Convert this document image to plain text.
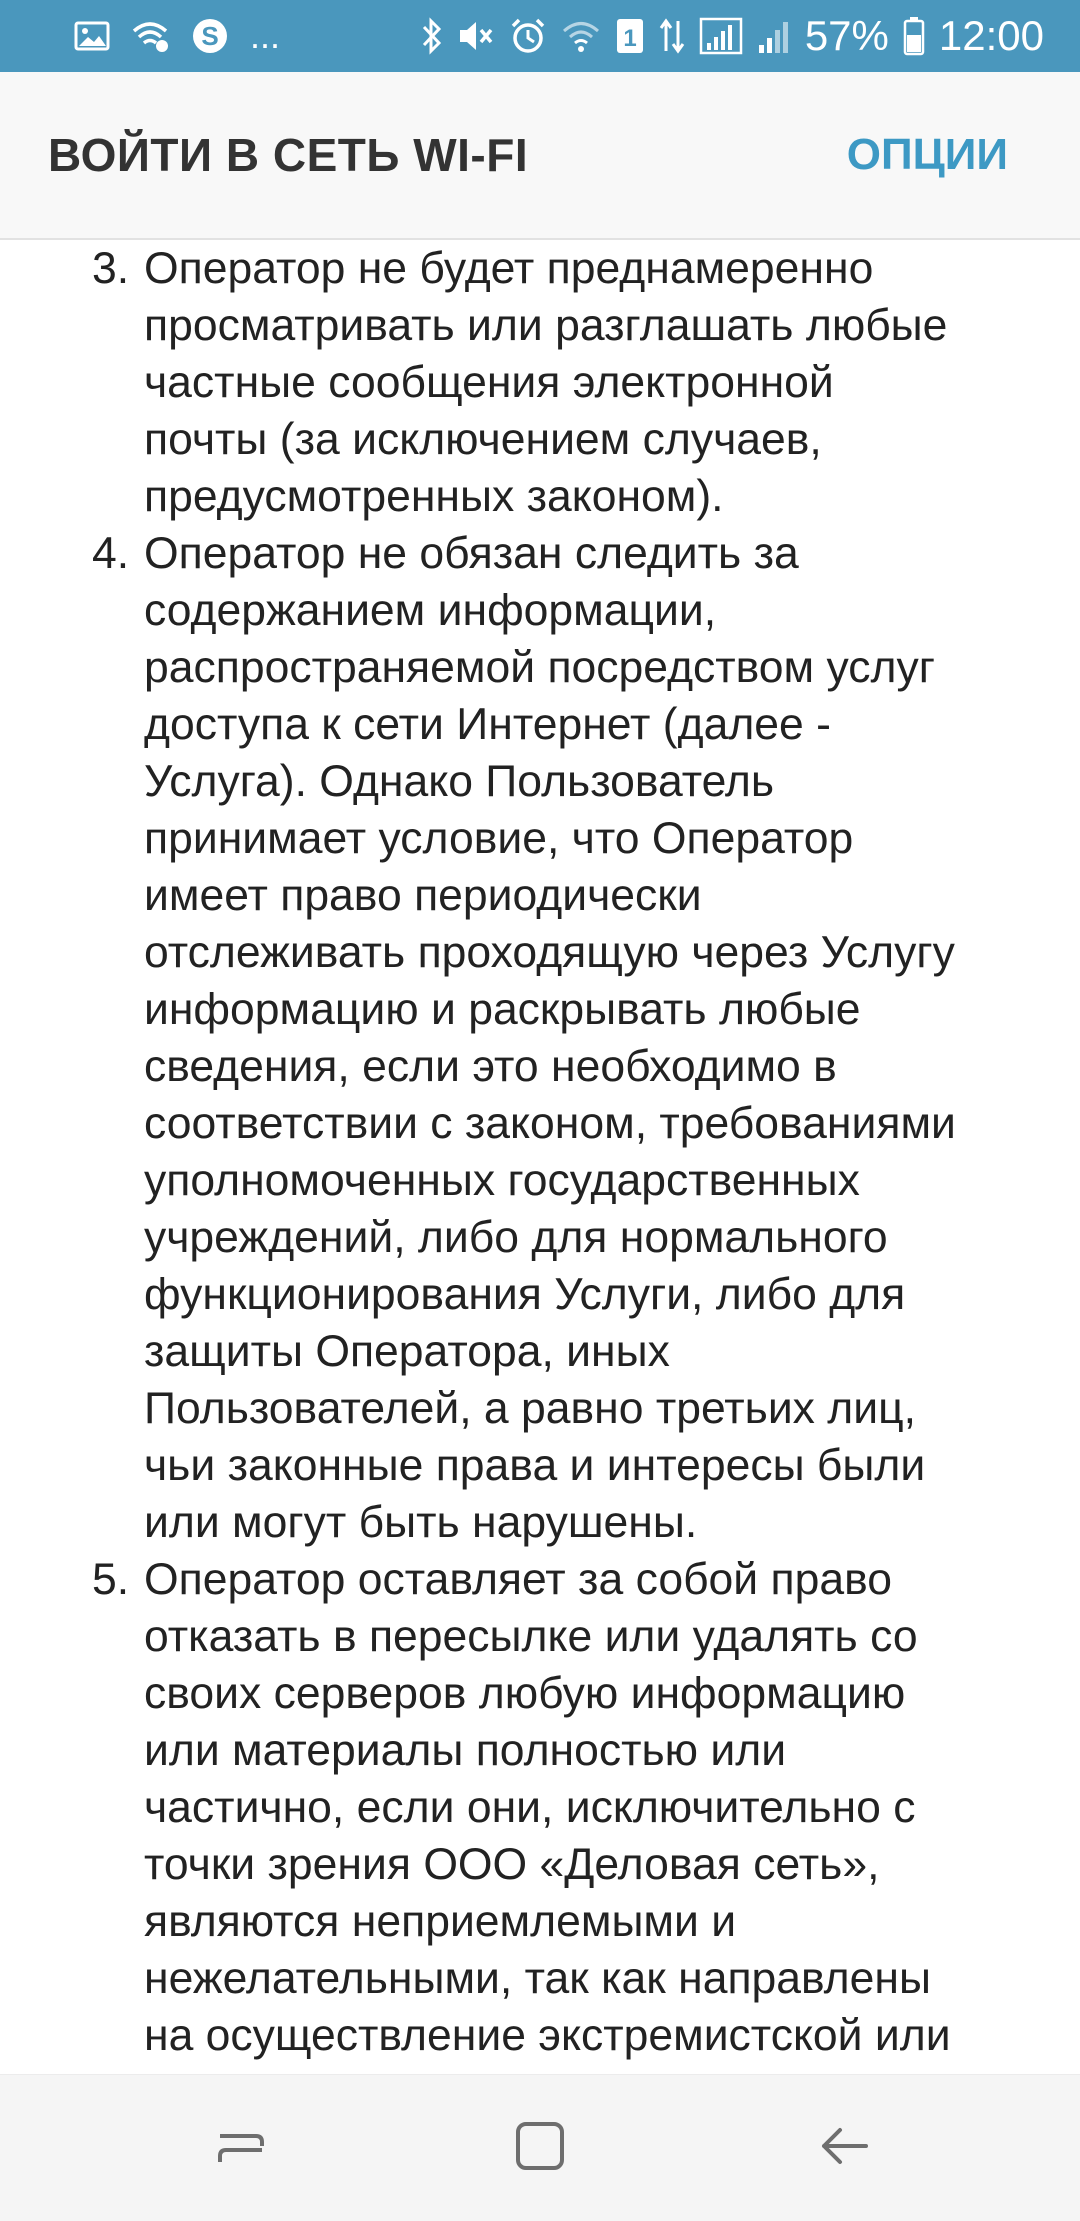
S ...	1	57% 12:00
ВОЙТИ В СЕТЬ WI-FI	ОПЦИИ
3. Оператор не будет преднамеренно
просматривать или разглашать любые
частные сообщения электронной
почты (за исключением случаев,
предусмотренных законом).
4. Оператор не обязан следить за
содержанием информации,
распространяемой посредством услуг
доступа к сети Интернет (далее -
Услуга). Однако Пользователь
принимает условие, что Оператор
имеет право периодически
отслеживать проходящую через Услугу
информацию и раскрывать любые
сведения, если это необходимо в
соответствии с законом, требованиями
уполномоченных государственных
учреждений, либо для нормального
функционирования Услуги, либо для
защиты Оператора, иных
Пользователей, а равно третьих лиц,
чьи законные права и интересы были
или могут быть нарушены.
5. Оператор оставляет за собой право
отказать в пересылке или удалять со
своих серверов любую информацию
или материалы полностью или
частично, если они, исключительно с
точки зрения ООО «Деловая сеть»,
являются неприемлемыми и
нежелательными, так как направлены
на осуществление экстремистской или
